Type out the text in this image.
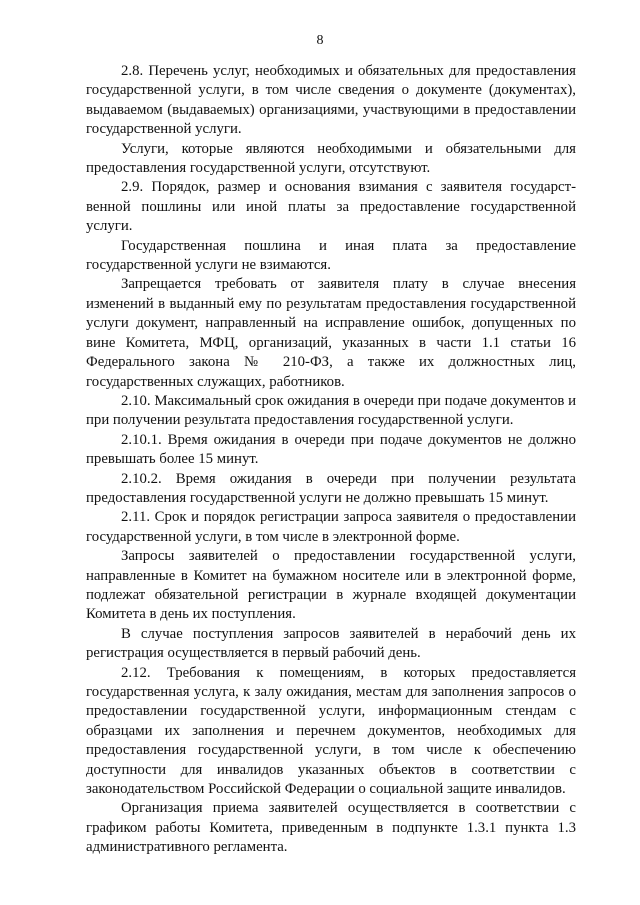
8

2.8. Перечень услуг, необходимых и обязательных для предоставления государственной услуги, в том числе сведения о документе (документах), выдаваемом (выдаваемых) организациями, участвующими в предоставлении государственной услуги.

Услуги, которые являются необходимыми и обязательными для предоставления государственной услуги, отсутствуют.

2.9. Порядок, размер и основания взимания с заявителя государственной пошлины или иной платы за предоставление государственной услуги.

Государственная пошлина и иная плата за предоставление государственной услуги не взимаются.

Запрещается требовать от заявителя плату в случае внесения изменений в выданный ему по результатам предоставления государственной услуги документ, направленный на исправление ошибок, допущенных по вине Комитета, МФЦ, организаций, указанных в части 1.1 статьи 16 Федерального закона № 210-ФЗ, а также их должностных лиц, государственных служащих, работников.

2.10. Максимальный срок ожидания в очереди при подаче документов и при получении результата предоставления государственной услуги.

2.10.1. Время ожидания в очереди при подаче документов не должно превышать более 15 минут.

2.10.2. Время ожидания в очереди при получении результата предоставления государственной услуги не должно превышать 15 минут.

2.11. Срок и порядок регистрации запроса заявителя о предоставлении государственной услуги, в том числе в электронной форме.

Запросы заявителей о предоставлении государственной услуги, направленные в Комитет на бумажном носителе или в электронной форме, подлежат обязательной регистрации в журнале входящей документации Комитета в день их поступления.

В случае поступления запросов заявителей в нерабочий день их регистрация осуществляется в первый рабочий день.

2.12. Требования к помещениям, в которых предоставляется государственная услуга, к залу ожидания, местам для заполнения запросов о предоставлении государственной услуги, информационным стендам с образцами их заполнения и перечнем документов, необходимых для предоставления государственной услуги, в том числе к обеспечению доступности для инвалидов указанных объектов в соответствии с законодательством Российской Федерации о социальной защите инвалидов.

Организация приема заявителей осуществляется в соответствии с графиком работы Комитета, приведенным в подпункте 1.3.1 пункта 1.3 административного регламента.
